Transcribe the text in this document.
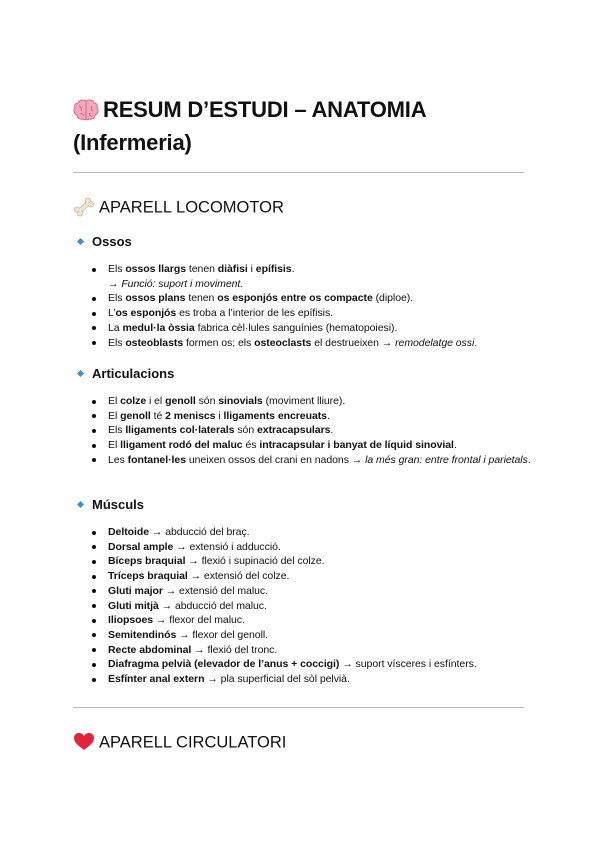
RESUM D’ESTUDI – ANATOMIA (Infermeria)
APARELL LOCOMOTOR
Ossos
Els ossos llargs tenen diàfisi i epífisis.
→ Funció: suport i moviment.
Els ossos plans tenen os esponjós entre os compacte (diploe).
L’os esponjós es troba a l’interior de les epífisis.
La medul·la òssia fabrica cèl·lules sanguínies (hematopoiesi).
Els osteoblasts formen os; els osteoclasts el destrueixen → remodelatge ossi.
Articulacions
El colze i el genoll són sinovials (moviment lliure).
El genoll té 2 meniscs i lligaments encreuats.
Els lligaments col·laterals són extracapsulars.
El lligament rodó del maluc és intracapsular i banyat de líquid sinovial.
Les fontanel·les uneixen ossos del crani en nadons → la més gran: entre frontal i parietals.
Músculs
Deltoide → abducció del braç.
Dorsal ample → extensió i adducció.
Bíceps braquial → flexió i supinació del colze.
Tríceps braquial → extensió del colze.
Gluti major → extensió del maluc.
Gluti mitjà → abducció del maluc.
Iliopsoes → flexor del maluc.
Semitendinós → flexor del genoll.
Recte abdominal → flexió del tronc.
Diafragma pelvià (elevador de l’anus + coccigi) → suport vísceres i esfínters.
Esfínter anal extern → pla superficial del sòl pelvià.
APARELL CIRCULATORI
